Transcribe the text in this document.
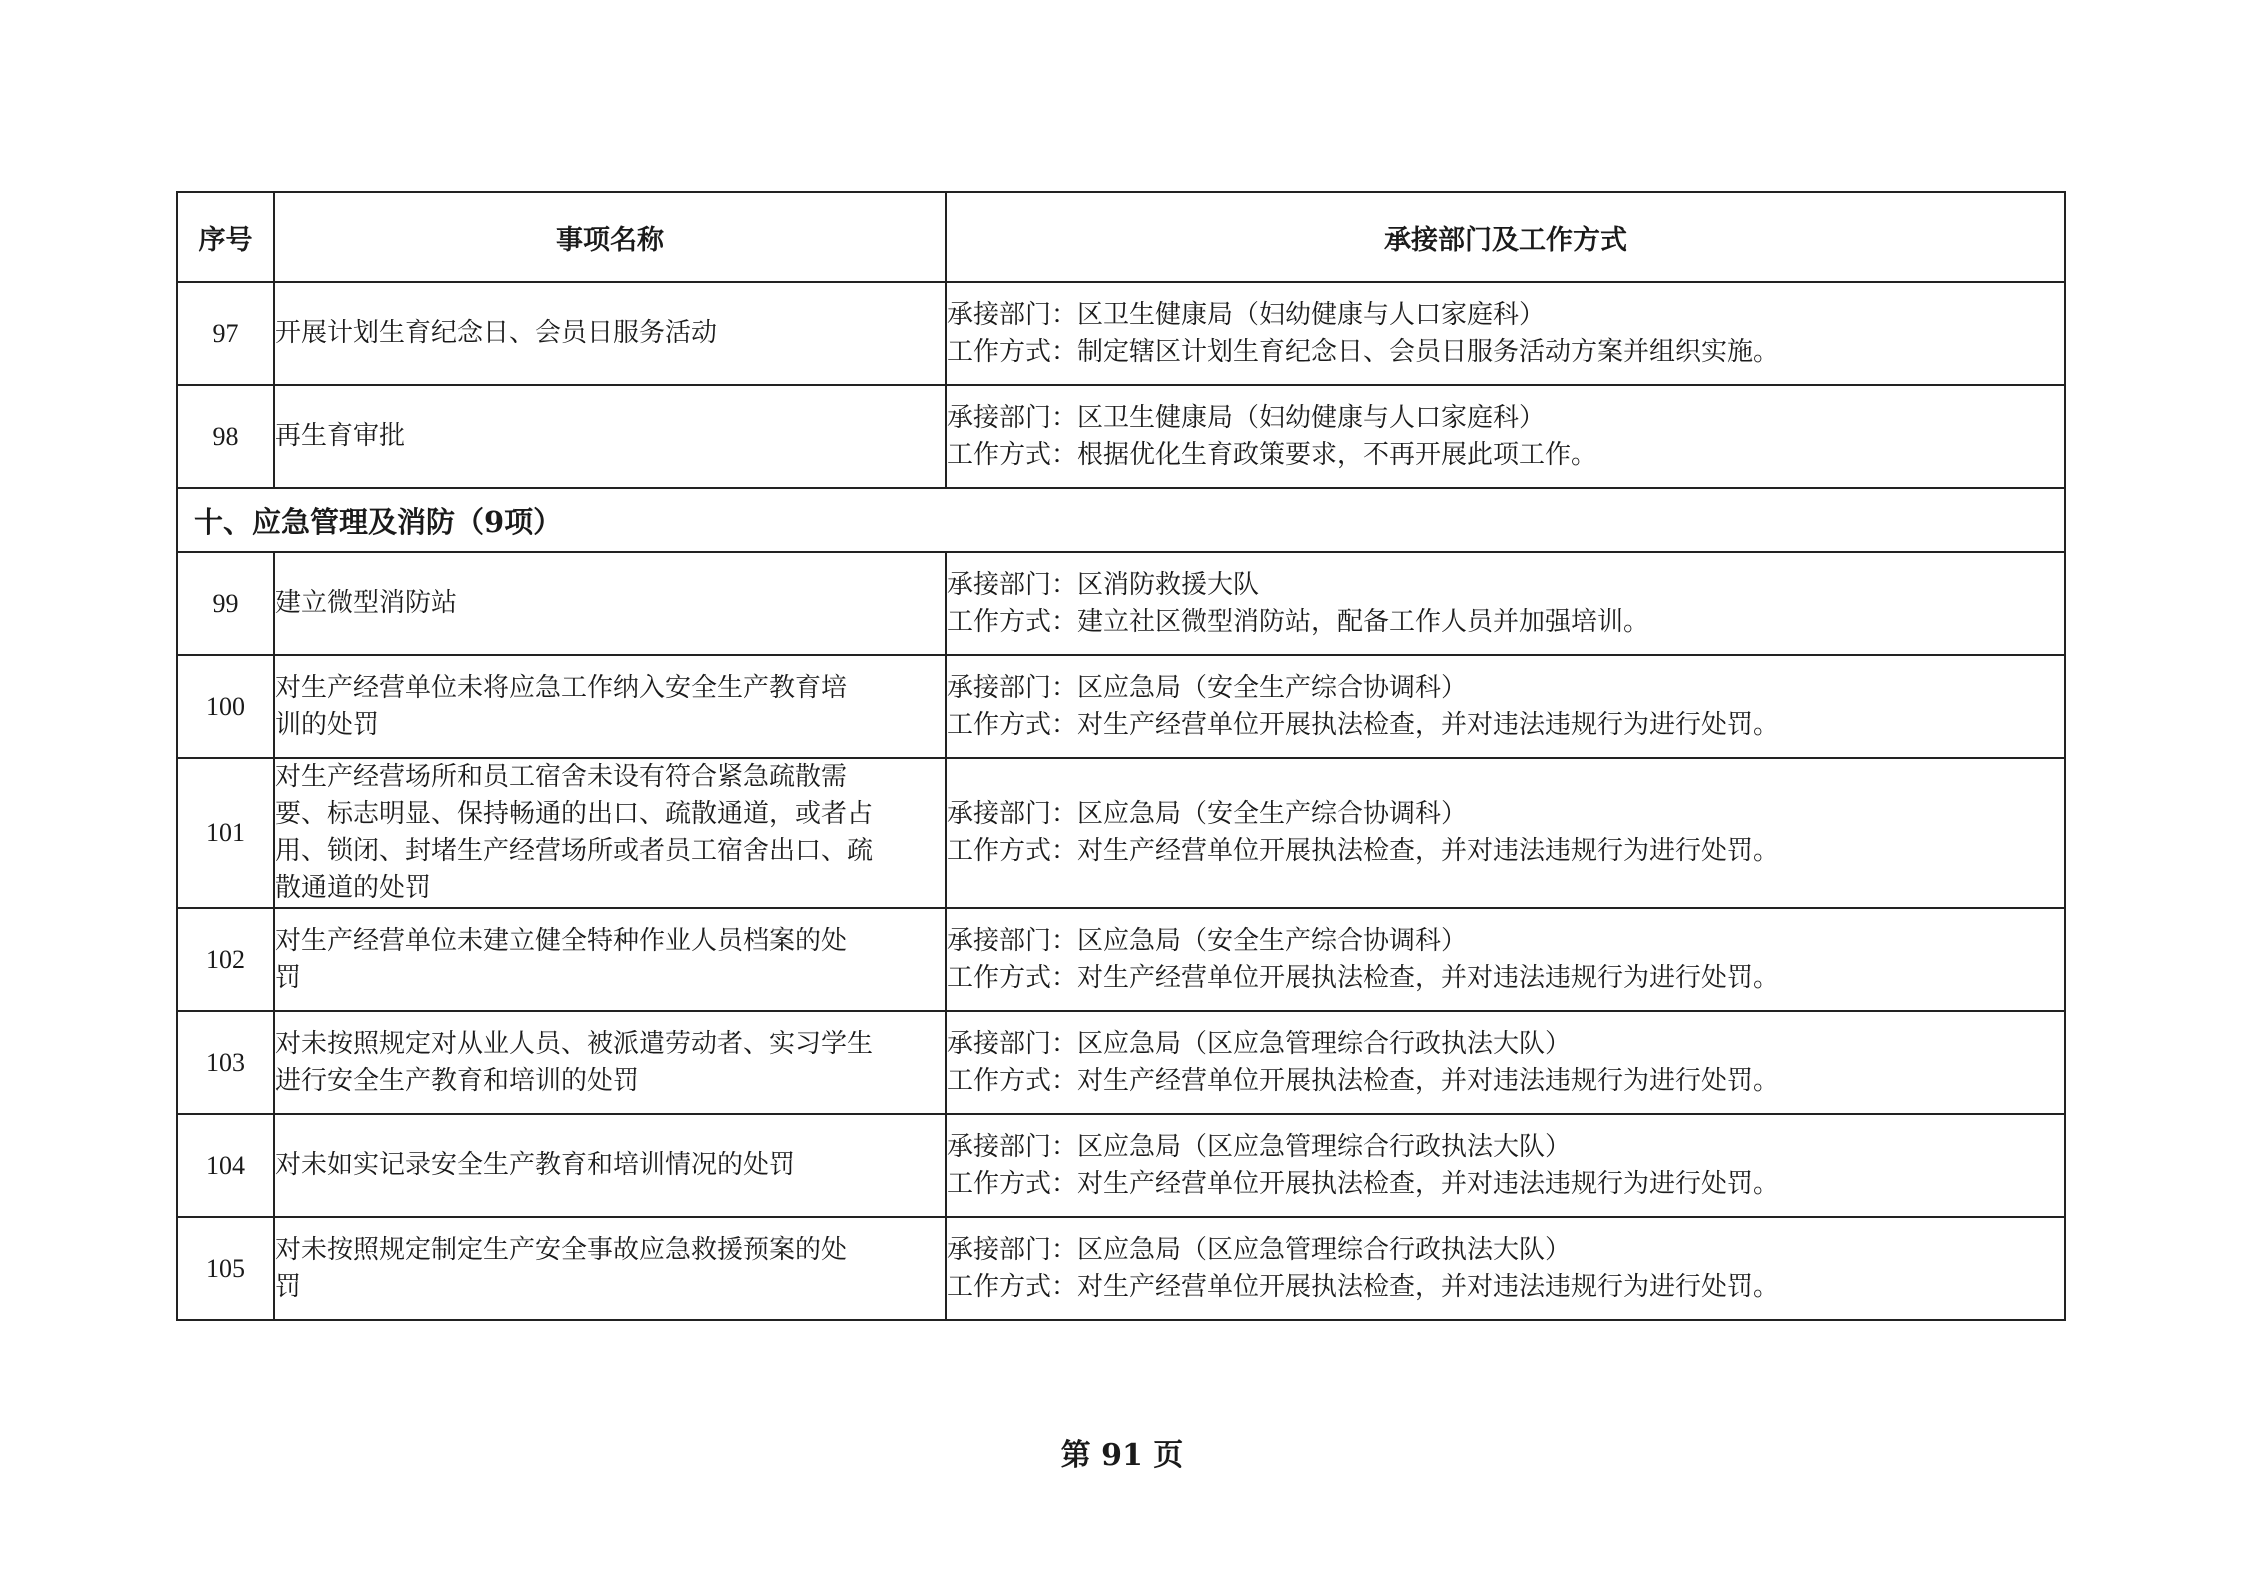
序号	事项名称	承接部门及工作方式
97	开展计划生育纪念日、会员日服务活动	承接部门：区卫生健康局（妇幼健康与人口家庭科）
工作方式：制定辖区计划生育纪念日、会员日服务活动方案并组织实施。

98	再生育审批	承接部门：区卫生健康局（妇幼健康与人口家庭科）
工作方式：根据优化生育政策要求，不再开展此项工作。

十、应急管理及消防（9项）		
99	建立微型消防站	承接部门：区消防救援大队
工作方式：建立社区微型消防站，配备工作人员并加强培训。

100	对生产经营单位未将应急工作纳入安全生产教育培
训的处罚	承接部门：区应急局（安全生产综合协调科）
工作方式：对生产经营单位开展执法检查，并对违法违规行为进行处罚。

101	对生产经营场所和员工宿舍未设有符合紧急疏散需
要、标志明显、保持畅通的出口、疏散通道，或者占
用、锁闭、封堵生产经营场所或者员工宿舍出口、疏
散通道的处罚	承接部门：区应急局（安全生产综合协调科）
工作方式：对生产经营单位开展执法检查，并对违法违规行为进行处罚。

102	对生产经营单位未建立健全特种作业人员档案的处
罚	承接部门：区应急局（安全生产综合协调科）
工作方式：对生产经营单位开展执法检查，并对违法违规行为进行处罚。

103	对未按照规定对从业人员、被派遣劳动者、实习学生
进行安全生产教育和培训的处罚	承接部门：区应急局（区应急管理综合行政执法大队）
工作方式：对生产经营单位开展执法检查，并对违法违规行为进行处罚。

104	对未如实记录安全生产教育和培训情况的处罚	承接部门：区应急局（区应急管理综合行政执法大队）
工作方式：对生产经营单位开展执法检查，并对违法违规行为进行处罚。

105	对未按照规定制定生产安全事故应急救援预案的处
罚	承接部门：区应急局（区应急管理综合行政执法大队）
工作方式：对生产经营单位开展执法检查，并对违法违规行为进行处罚。
第 91 页
